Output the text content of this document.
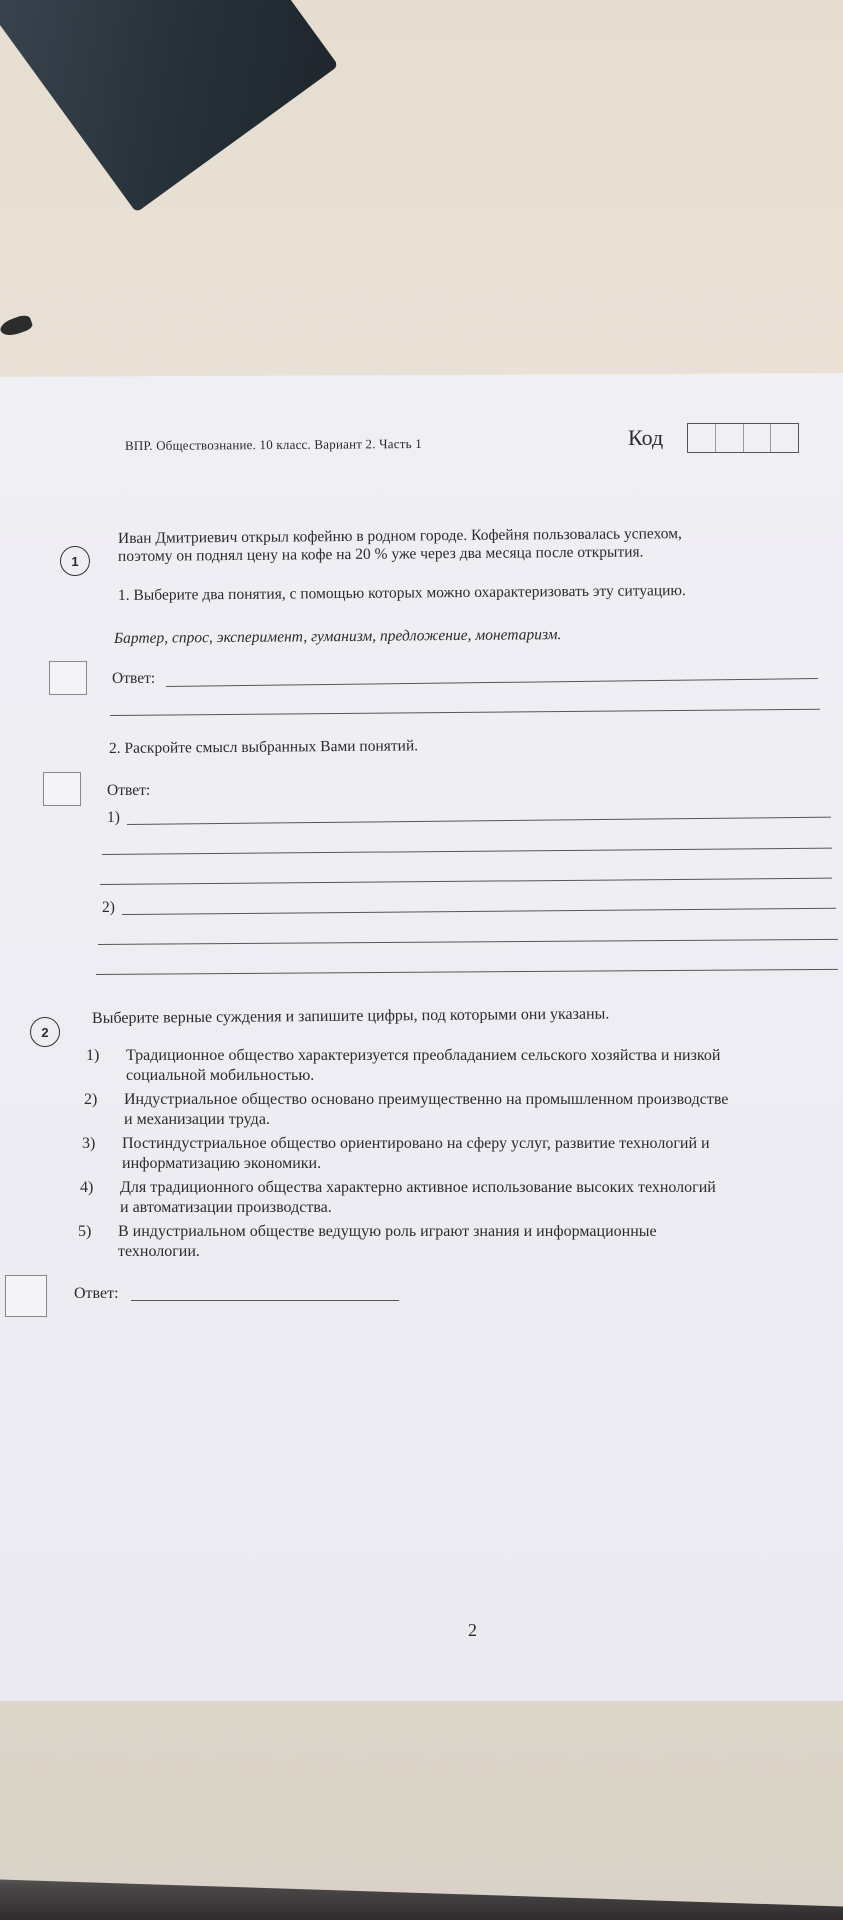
ВПР. Обществознание. 10 класс. Вариант 2. Часть 1	Код
1
Иван Дмитриевич открыл кофейню в родном городе. Кофейня пользовалась успехом,
поэтому он поднял цену на кофе на 20 % уже через два месяца после открытия.
1. Выберите два понятия, с помощью которых можно охарактеризовать эту ситуацию.
Бартер, спрос, эксперимент, гуманизм, предложение, монетаризм.
Ответ:
2. Раскройте смысл выбранных Вами понятий.
Ответ:
1)
2)
2
Выберите верные суждения и запишите цифры, под которыми они указаны.
1) Традиционное общество характеризуется преобладанием сельского хозяйства и низкой
социальной мобильностью.
2) Индустриальное общество основано преимущественно на промышленном производстве
и механизации труда.
3) Постиндустриальное общество ориентировано на сферу услуг, развитие технологий и
информатизацию экономики.
4) Для традиционного общества характерно активное использование высоких технологий
и автоматизации производства.
5) В индустриальном обществе ведущую роль играют знания и информационные
технологии.
Ответ:
2
